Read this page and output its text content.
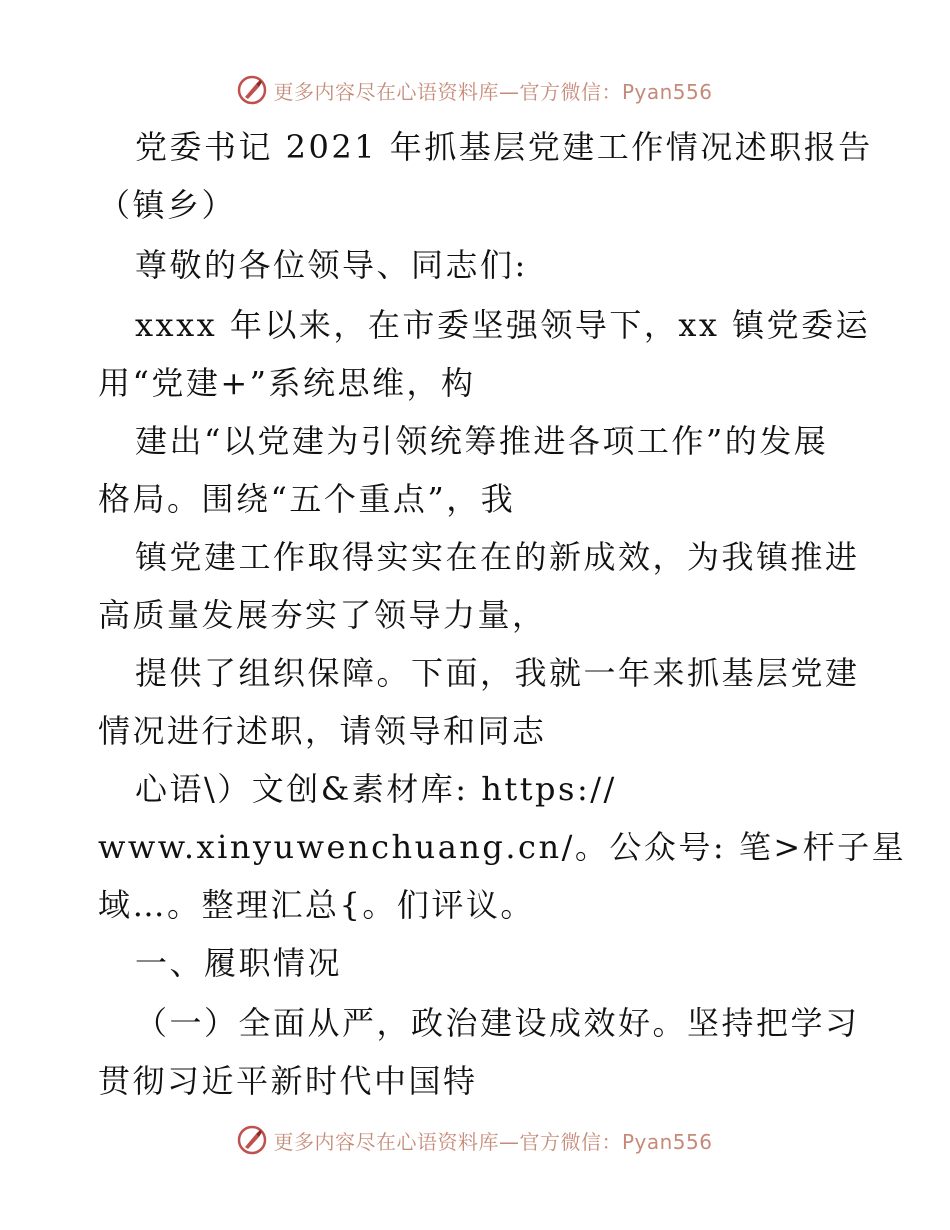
更多内容尽在心语资料库—官方微信：Pyan556
党委书记 2021 年抓基层党建工作情况述职报告
（镇乡）
尊敬的各位领导、同志们:
xxxx 年以来，在市委坚强领导下，xx 镇党委运
用“党建+”系统思维，构
建出“以党建为引领统筹推进各项工作”的发展
格局。围绕“五个重点”，我
镇党建工作取得实实在在的新成效，为我镇推进
高质量发展夯实了领导力量，
提供了组织保障。下面，我就一年来抓基层党建
情况进行述职，请领导和同志
心语\）文创&素材库: https://
www.xinyuwenchuang.cn/。公众号: 笔>杆子星
域…。整理汇总{。们评议。
一、履职情况
（一）全面从严，政治建设成效好。坚持把学习
贯彻习近平新时代中国特
更多内容尽在心语资料库—官方微信：Pyan556
